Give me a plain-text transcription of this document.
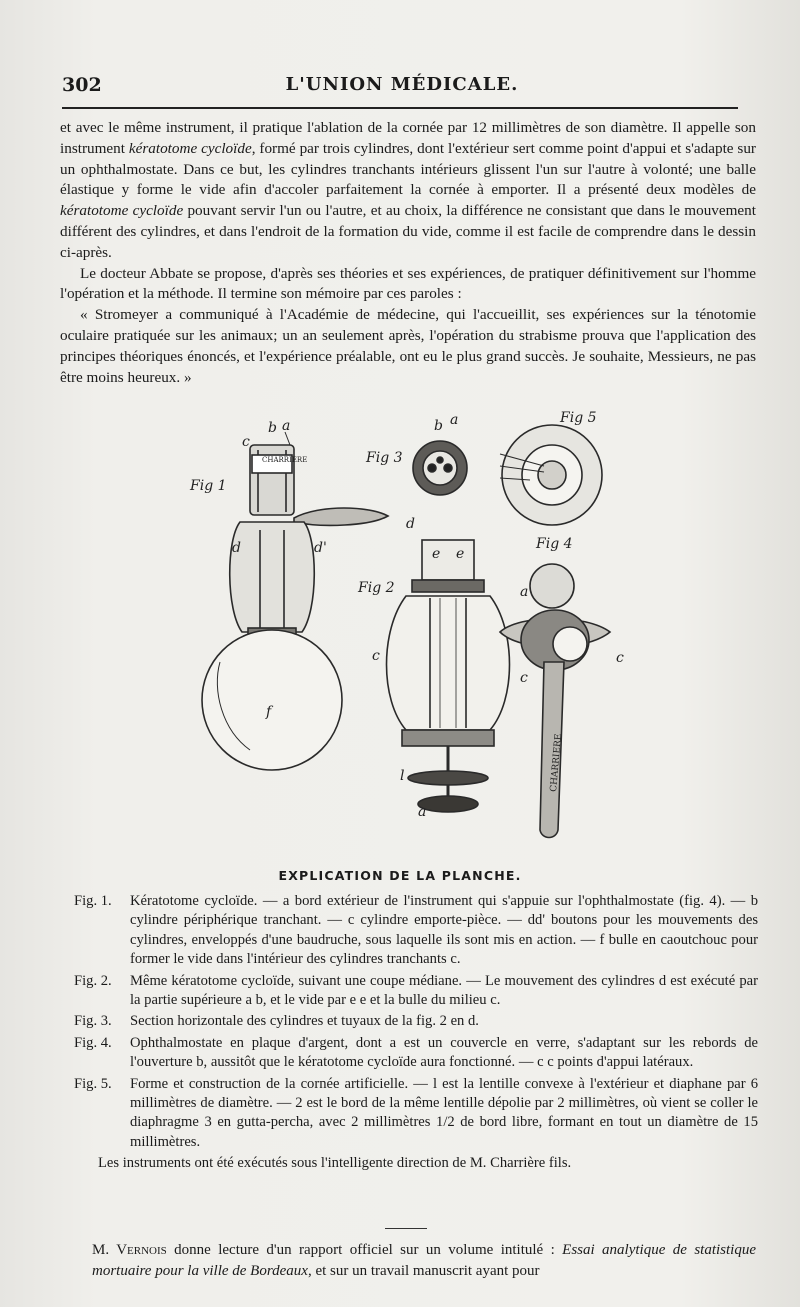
302	L'UNION MÉDICALE.

et avec le même instrument, il pratique l'ablation de la cornée par 12 millimètres de son diamètre. Il appelle son instrument kératotome cycloïde, formé par trois cylindres, dont l'extérieur sert comme point d'appui et s'adapte sur un ophthalmostate. Dans ce but, les cylindres tranchants intérieurs glissent l'un sur l'autre à volonté; une balle élastique y forme le vide afin d'accoler parfaitement la cornée à emporter. Il a présenté deux modèles de kératotome cycloïde pouvant servir l'un ou l'autre, et au choix, la différence ne consistant que dans le mouvement différent des cylindres, et dans l'endroit de la formation du vide, comme il est facile de comprendre dans le dessin ci-après.

Le docteur Abbate se propose, d'après ses théories et ses expériences, de pratiquer définitivement sur l'homme l'opération et la méthode. Il termine son mémoire par ces paroles :

« Stromeyer a communiqué à l'Académie de médecine, qui l'accueillit, ses expériences sur la ténotomie oculaire pratiquée sur les animaux; un an seulement après, l'opération du strabisme prouva que l'application des principes théoriques énoncés, et l'expérience préalable, ont eu le plus grand succès. Je souhaite, Messieurs, ne pas être moins heureux. »

Fig 1
Fig 3
Fig 5
Fig 2
Fig 4
CHARRIERE
CHARRIERE
a
b
c
d	d'
f
b a
d
e e
c
l
a
a
c
c
EXPLICATION DE LA PLANCHE.
Fig. 1.	Kératotome cycloïde. — a bord extérieur de l'instrument qui s'appuie sur l'ophthalmostate (fig. 4). — b cylindre périphérique tranchant. — c cylindre emporte-pièce. — dd' boutons pour les mouvements des cylindres, enveloppés d'une baudruche, sous laquelle ils sont mis en action. — f bulle en caoutchouc pour former le vide dans l'intérieur des cylindres tranchants c.
Fig. 2.	Même kératotome cycloïde, suivant une coupe médiane. — Le mouvement des cylindres d est exécuté par la partie supérieure a b, et le vide par e e et la bulle du milieu c.
Fig. 3.	Section horizontale des cylindres et tuyaux de la fig. 2 en d.
Fig. 4.	Ophthalmostate en plaque d'argent, dont a est un couvercle en verre, s'adaptant sur les rebords de l'ouverture b, aussitôt que le kératotome cycloïde aura fonctionné. — c c points d'appui latéraux.
Fig. 5.	Forme et construction de la cornée artificielle. — l est la lentille convexe à l'extérieur et diaphane par 6 millimètres de diamètre. — 2 est le bord de la même lentille dépolie par 2 millimètres, où vient se coller le diaphragme 3 en gutta-percha, avec 2 millimètres 1/2 de bord libre, formant en tout un diamètre de 15 millimètres.
Les instruments ont été exécutés sous l'intelligente direction de M. Charrière fils.
M. Vernois donne lecture d'un rapport officiel sur un volume intitulé : Essai analytique de statistique mortuaire pour la ville de Bordeaux, et sur un travail manuscrit ayant pour
